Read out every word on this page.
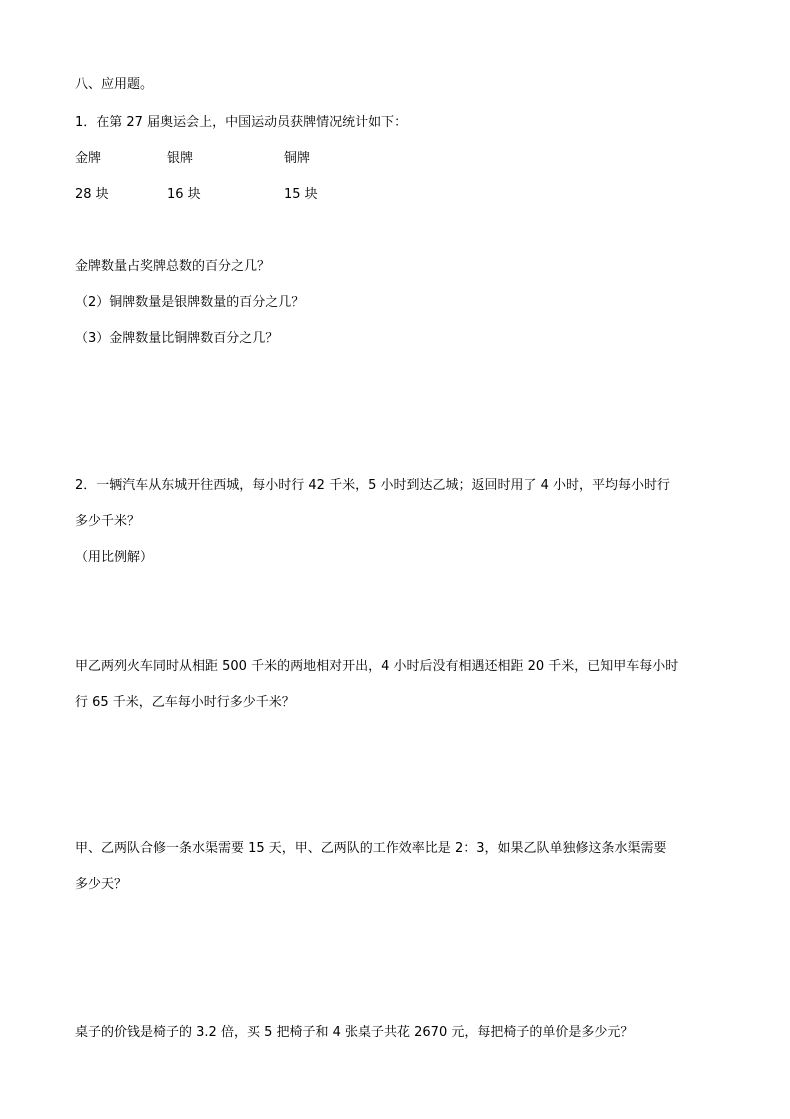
八、应用题。
1．在第 27 届奥运会上，中国运动员获牌情况统计如下：
金牌	银牌	铜牌
28 块	16 块	15 块
金牌数量占奖牌总数的百分之几？
（2）铜牌数量是银牌数量的百分之几？
（3）金牌数量比铜牌数百分之几？
2．一辆汽车从东城开往西城，每小时行 42 千米，5 小时到达乙城；返回时用了 4 小时，平均每小时行
多少千米？
（用比例解）
甲乙两列火车同时从相距 500 千米的两地相对开出，4 小时后没有相遇还相距 20 千米，已知甲车每小时
行 65 千米，乙车每小时行多少千米？
甲、乙两队合修一条水渠需要 15 天，甲、乙两队的工作效率比是 2：3，如果乙队单独修这条水渠需要
多少天？
桌子的价钱是椅子的 3.2 倍，买 5 把椅子和 4 张桌子共花 2670 元，每把椅子的单价是多少元？
